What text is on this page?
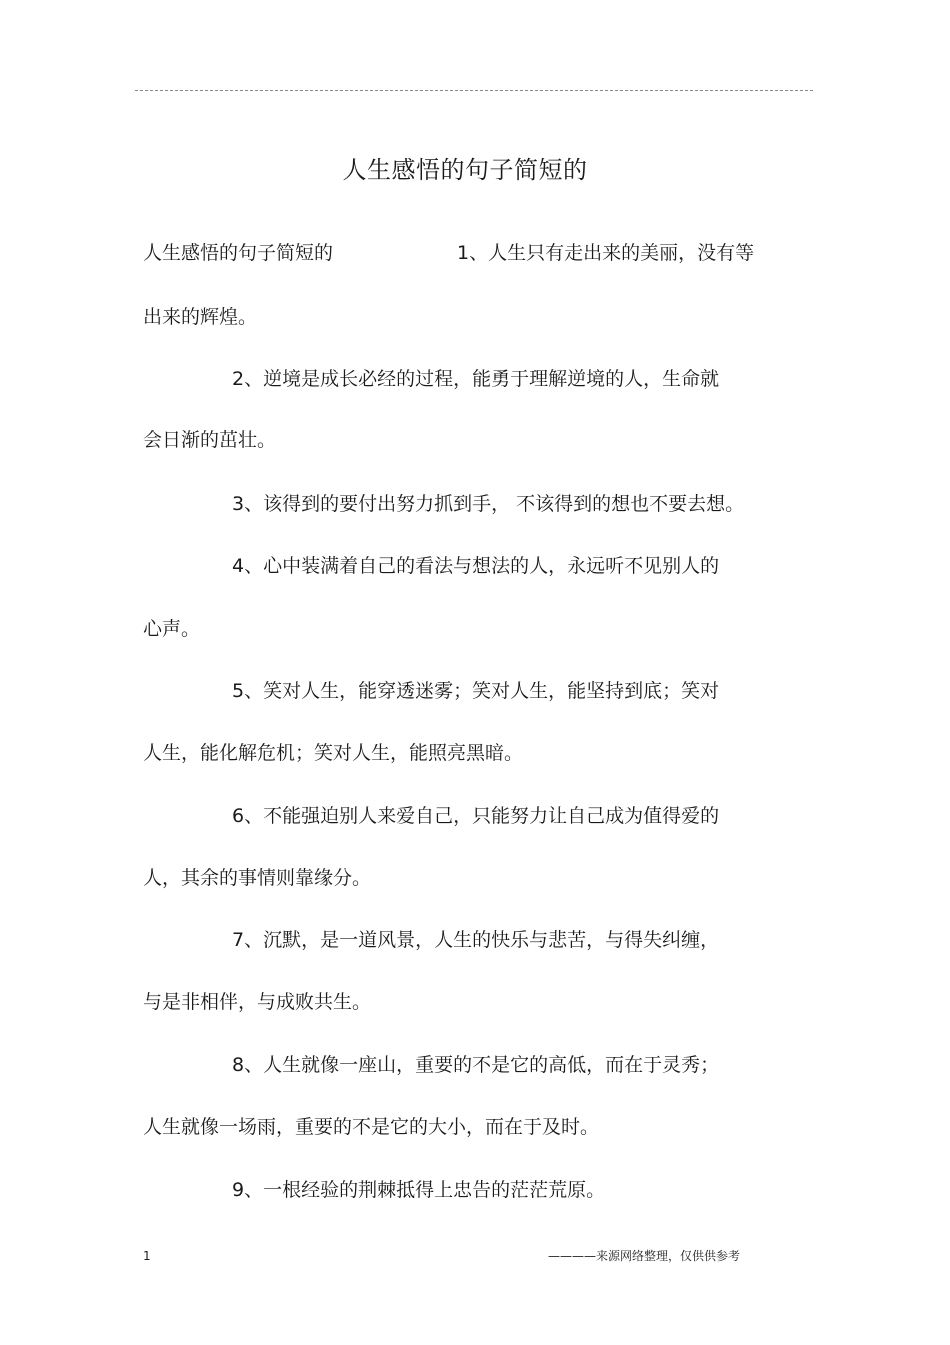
人生感悟的句子简短的
人生感悟的句子简短的	1、人生只有走出来的美丽，没有等
出来的辉煌。
2、逆境是成长必经的过程，能勇于理解逆境的人，生命就
会日渐的茁壮。
3、该得到的要付出努力抓到手， 不该得到的想也不要去想。
4、心中装满着自己的看法与想法的人，永远听不见别人的
心声。
5、笑对人生，能穿透迷雾；笑对人生，能坚持到底；笑对
人生，能化解危机；笑对人生，能照亮黑暗。
6、不能强迫别人来爱自己，只能努力让自己成为值得爱的
人，其余的事情则靠缘分。
7、沉默，是一道风景，人生的快乐与悲苦，与得失纠缠，
与是非相伴，与成败共生。
8、人生就像一座山，重要的不是它的高低，而在于灵秀；
人生就像一场雨，重要的不是它的大小，而在于及时。
9、一根经验的荆棘抵得上忠告的茫茫荒原。
1	————来源网络整理，仅供供参考
